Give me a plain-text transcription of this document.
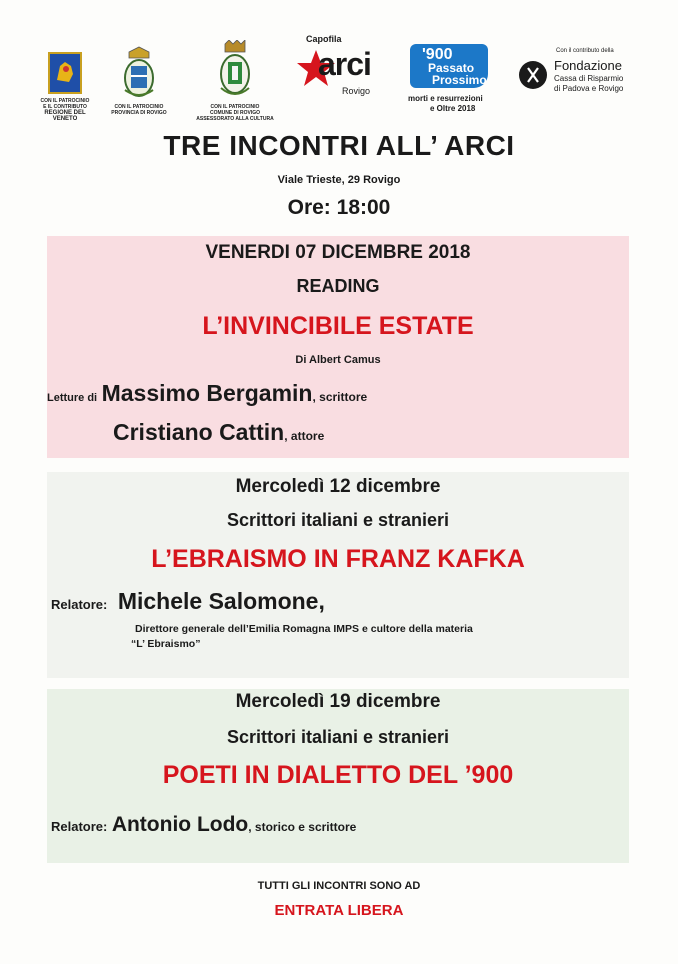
CON IL PATROCINIO
E IL CONTRIBUTO
REGIONE DEL VENETO
CON IL PATROCINIO
PROVINCIA DI ROVIGO
CON IL PATROCINIO
COMUNE DI ROVIGO
ASSESSORATO ALLA CULTURA
Capofila
arci
Rovigo
'900
Passato
Prossimo
morti e resurrezioni
e Oltre 2018
Con il contributo della
Fondazione
Cassa di Risparmio
di Padova e Rovigo
TRE INCONTRI ALL’ ARCI
Viale Trieste, 29 Rovigo
Ore: 18:00
VENERDI 07 DICEMBRE 2018
READING
L’INVINCIBILE ESTATE
Di Albert Camus
Letture di Massimo Bergamin, scrittore
Cristiano Cattin, attore
Mercoledì 12 dicembre
Scrittori italiani e stranieri
L’EBRAISMO IN FRANZ KAFKA
Relatore: Michele Salomone,
Direttore generale dell’Emilia Romagna IMPS e cultore della materia
“L’ Ebraismo”
Mercoledì 19 dicembre
Scrittori italiani e stranieri
POETI IN DIALETTO DEL ’900
Relatore: Antonio Lodo, storico e scrittore
TUTTI GLI INCONTRI SONO AD
ENTRATA LIBERA
